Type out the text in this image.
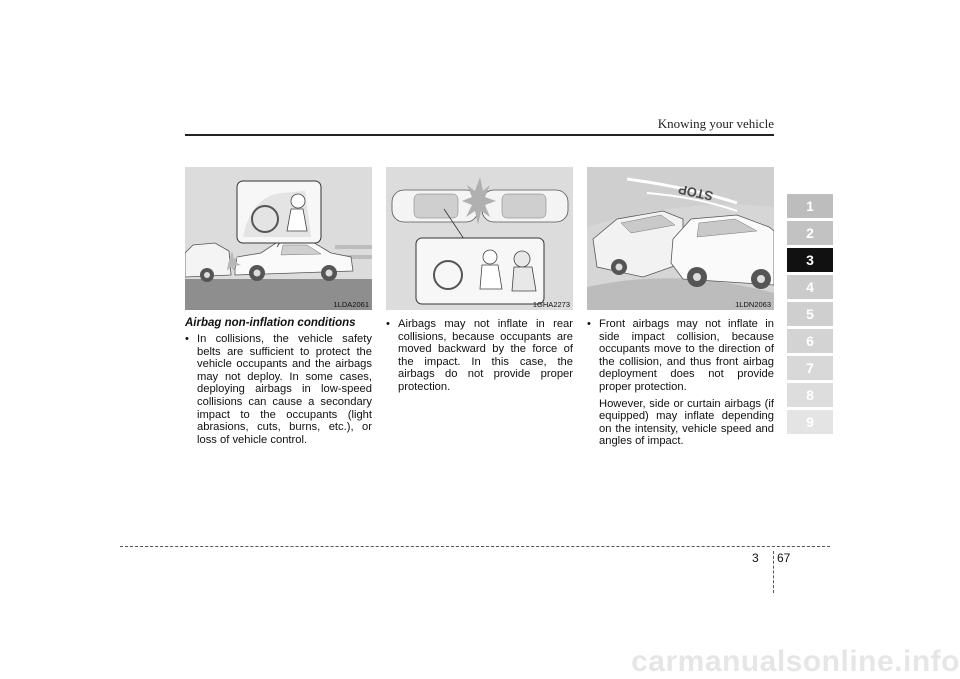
Knowing your vehicle
1LDA2061	1GHA2273
STOP
1LDN2063
Airbag non-inflation conditions
• In collisions, the vehicle safety belts are sufficient to protect the vehicle occupants and the airbags may not deploy. In some cases, deploying airbags in low-speed collisions can cause a secondary impact to the occupants (light abrasions, cuts, burns, etc.), or loss of vehicle control.
• Airbags may not inflate in rear collisions, because occupants are moved backward by the force of the impact. In this case, the airbags do not provide proper protection.
• Front airbags may not inflate in side impact collision, because occupants move to the direction of the collision, and thus front airbag deployment does not provide proper protection.
However, side or curtain airbags (if equipped) may inflate depending on the intensity, vehicle speed and angles of impact.
1
2
3
4
5
6
7
8
9
3 67
carmanualsonline.info
